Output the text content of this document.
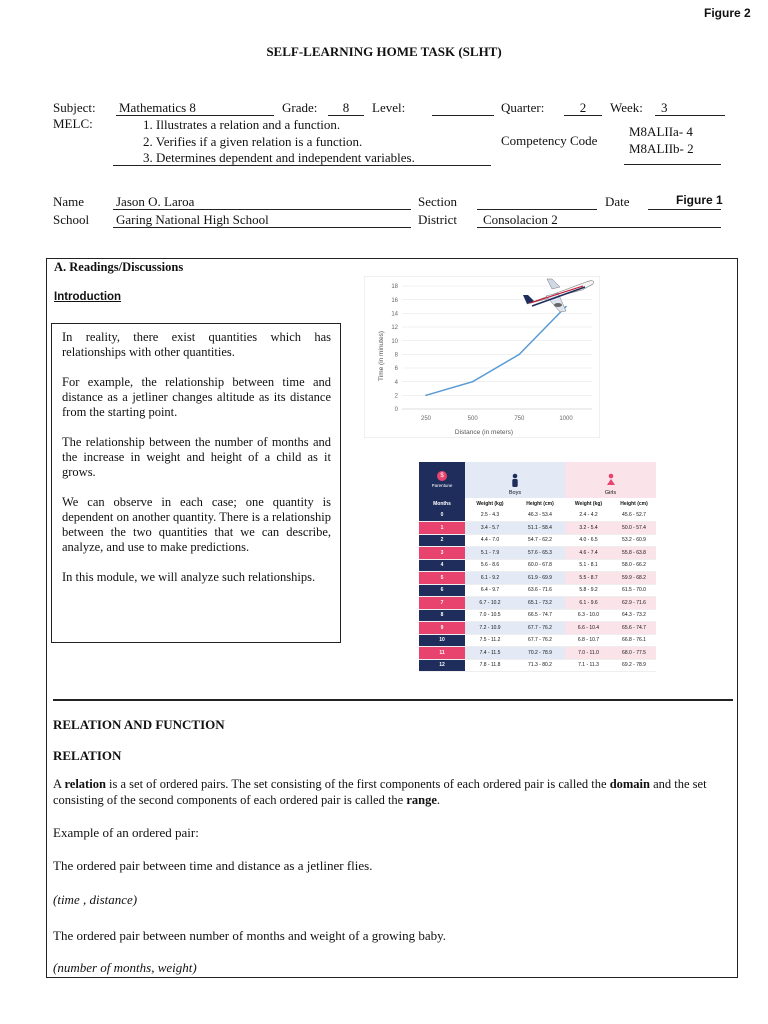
Figure 2
SELF-LEARNING HOME TASK (SLHT)
Subject: Mathematics 8	Grade:	8	Level:	Quarter:	2	Week:	3
MELC:	1. Illustrates a relation and a function.
2. Verifies if a given relation is a function.
3. Determines dependent and independent variables.
Competency Code
M8ALIIa- 4
M8ALIIb- 2
Name Jason O. Laroa	Section	Date	Figure 1
School Garing National High School	District	Consolacion 2
A. Readings/Discussions
Introduction

In reality, there exist quantities which has relationships with other quantities.

For example, the relationship between time and distance as a jetliner changes altitude as its distance from the starting point.

The relationship between the number of months and the increase in weight and height of a child as it grows.

We can observe in each case; one quantity is dependent on another quantity. There is a relationship between the two quantities that we can describe, analyze, and use to make predictions.

In this module, we will analyze such relationships.

0
2
4
6
8
10
12
14
16
18
250	500	750	1000
Distance (in meters)
Time (in minutes)
$
Parentune	Boys		Girls	

Months	Weight (kg)	Height (cm)	Weight (kg)	Height (cm)
0	2.5 - 4.3	46.3 - 53.4	2.4 - 4.2	45.6 - 52.7
1	3.4 - 5.7	51.1 - 58.4	3.2 - 5.4	50.0 - 57.4
2	4.4 - 7.0	54.7 - 62.2	4.0 - 6.5	53.2 - 60.9
3	5.1 - 7.9	57.6 - 65.3	4.6 - 7.4	55.8 - 63.8
4	5.6 - 8.6	60.0 - 67.8	5.1 - 8.1	58.0 - 66.2
5	6.1 - 9.2	61.9 - 69.9	5.5 - 8.7	59.9 - 68.2
6	6.4 - 9.7	63.6 - 71.6	5.8 - 9.2	61.5 - 70.0
7	6.7 - 10.2	65.1 - 73.2	6.1 - 9.6	62.9 - 71.6
8	7.0 - 10.5	66.5 - 74.7	6.3 - 10.0	64.3 - 73.2
9	7.2 - 10.9	67.7 - 76.2	6.6 - 10.4	65.6 - 74.7
10	7.5 - 11.2	67.7 - 76.2	6.8 - 10.7	66.8 - 76.1
11	7.4 - 11.5	70.2 - 78.9	7.0 - 11.0	68.0 - 77.5
12	7.8 - 11.8	71.3 - 80.2	7.1 - 11.3	69.2 - 78.9
RELATION AND FUNCTION
RELATION
A relation is a set of ordered pairs. The set consisting of the first components of each ordered pair is called the domain and the set consisting of the second components of each ordered pair is called the range.
Example of an ordered pair:
The ordered pair between time and distance as a jetliner flies.
(time , distance)
The ordered pair between number of months and weight of a growing baby.
(number of months, weight)
